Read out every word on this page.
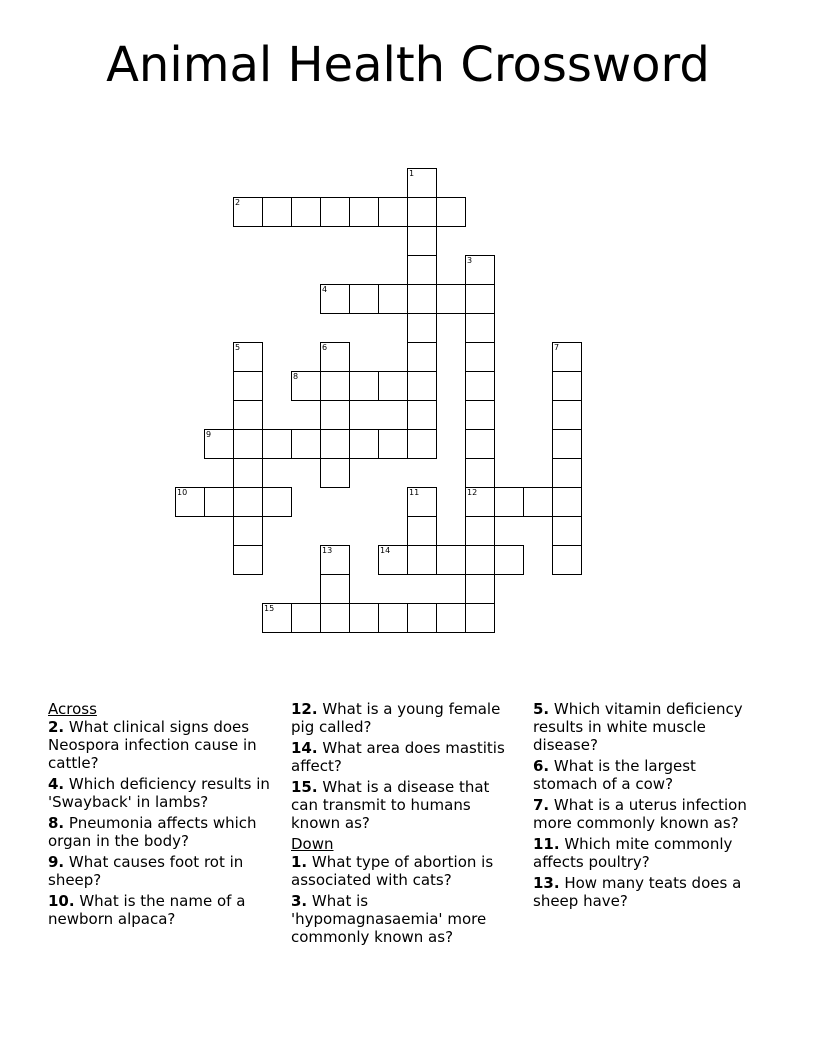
Animal Health Crossword
1
2
3
12
4
5	6	7
8
9
10	11
13	14
15
Across
2. What clinical signs does Neospora infection cause in cattle?
4. Which deficiency results in 'Swayback' in lambs?
8. Pneumonia affects which organ in the body?
9. What causes foot rot in sheep?
10. What is the name of a newborn alpaca?
12. What is a young female pig called?
14. What area does mastitis affect?
15. What is a disease that can transmit to humans known as?
Down
1. What type of abortion is associated with cats?
3. What is 'hypomagnasaemia' more commonly known as?
5. Which vitamin deficiency results in white muscle disease?
6. What is the largest stomach of a cow?
7. What is a uterus infection more commonly known as?
11. Which mite commonly affects poultry?
13. How many teats does a sheep have?
